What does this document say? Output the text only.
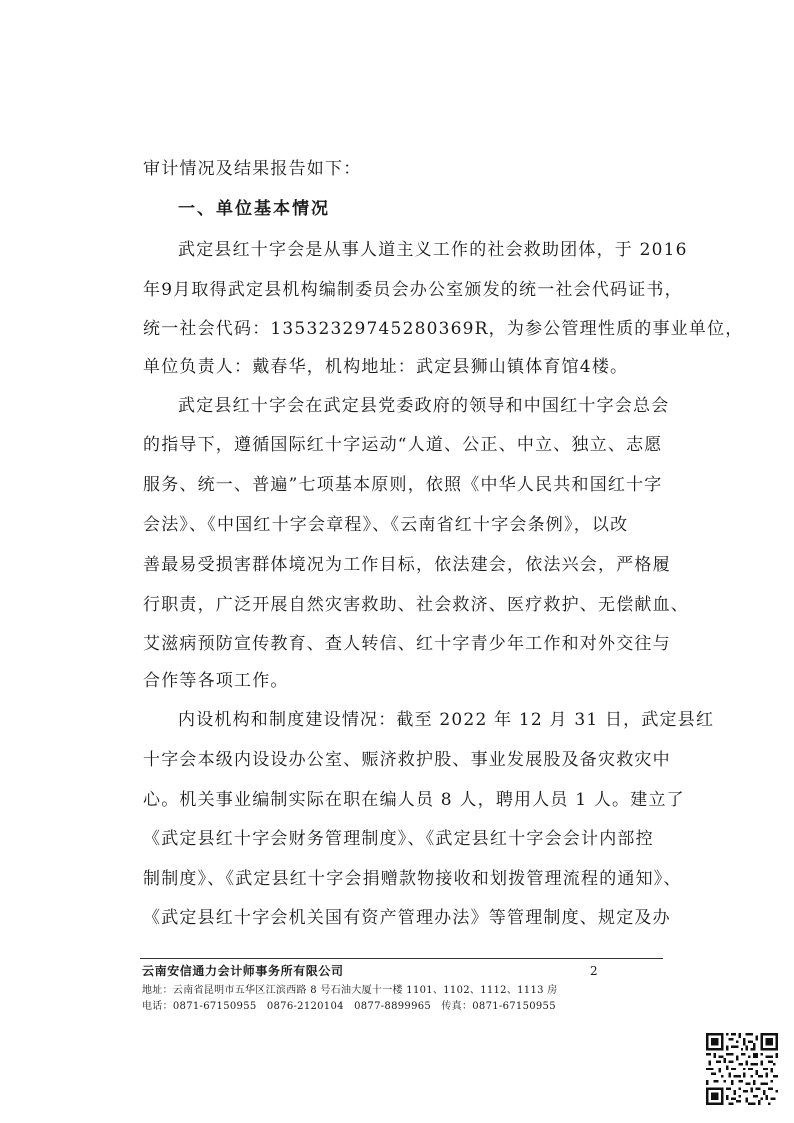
审计情况及结果报告如下：
一、单位基本情况
武定县红十字会是从事人道主义工作的社会救助团体，于 2016
年9月取得武定县机构编制委员会办公室颁发的统一社会代码证书，
统一社会代码：13532329745280369R，为参公管理性质的事业单位，
单位负责人：戴春华，机构地址：武定县狮山镇体育馆4楼。
武定县红十字会在武定县党委政府的领导和中国红十字会总会
的指导下，遵循国际红十字运动“人道、公正、中立、独立、志愿
服务、统一、普遍”七项基本原则，依照《中华人民共和国红十字
会法》、《中国红十字会章程》、《云南省红十字会条例》，以改
善最易受损害群体境况为工作目标，依法建会，依法兴会，严格履
行职责，广泛开展自然灾害救助、社会救济、医疗救护、无偿献血、
艾滋病预防宣传教育、查人转信、红十字青少年工作和对外交往与
合作等各项工作。
内设机构和制度建设情况：截至 2022 年 12 月 31 日，武定县红
十字会本级内设设办公室、赈济救护股、事业发展股及备灾救灾中
心。机关事业编制实际在职在编人员 8 人，聘用人员 1 人。建立了
《武定县红十字会财务管理制度》、《武定县红十字会会计内部控
制制度》、《武定县红十字会捐赠款物接收和划拨管理流程的通知》、
《武定县红十字会机关国有资产管理办法》等管理制度、规定及办
云南安信通力会计师事务所有限公司	2
地址：云南省昆明市五华区江滨西路 8 号石油大厦十一楼 1101、1102、1112、1113 房
电话：0871-67150955　0876-2120104　0877-8899965　传真：0871-67150955
